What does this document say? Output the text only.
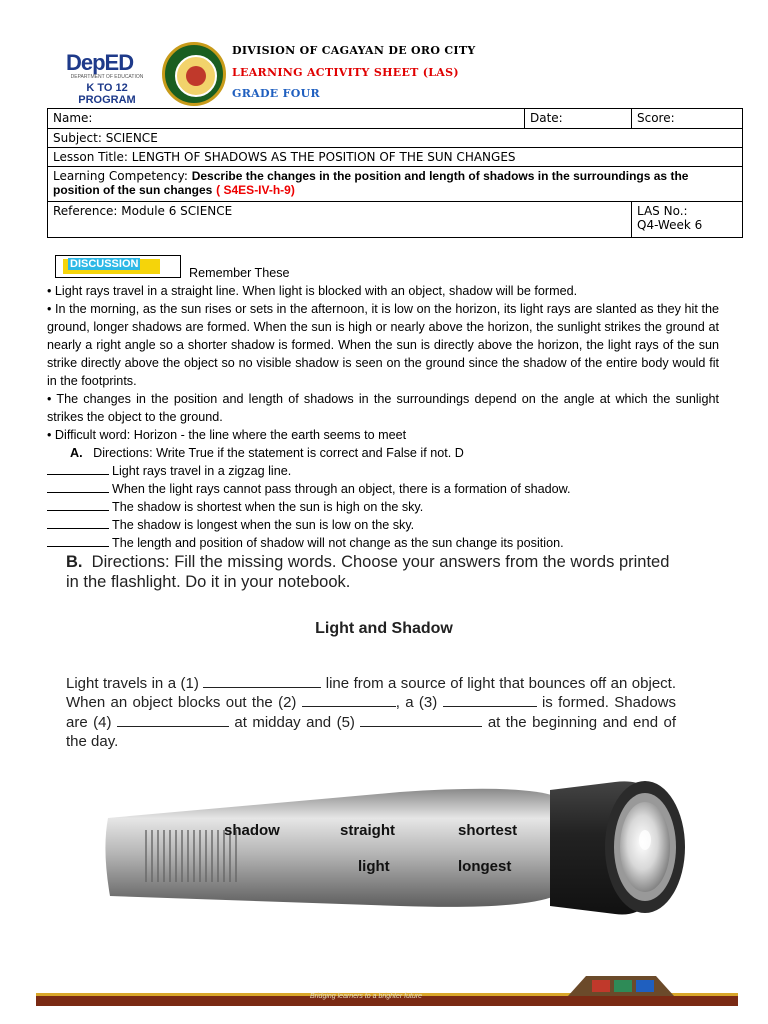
DepED
DEPARTMENT OF EDUCATION
K TO 12 PROGRAM
DIVISION OF CAGAYAN DE ORO CITY
LEARNING ACTIVITY SHEET (LAS)
GRADE FOUR
Name:	Date:	Score:
Subject: SCIENCE		
Lesson Title: LENGTH OF SHADOWS AS THE POSITION OF THE SUN CHANGES		
Learning Competency: Describe the changes in the position and length of shadows in the surroundings as the position of the sun changes ( S4ES-IV-h-9)		
Reference: Module 6 SCIENCE		LAS No.:
Q4-Week 6
DISCUSSION
Remember These
• Light rays travel in a straight line. When light is blocked with an object, shadow will be formed.
• In the morning, as the sun rises or sets in the afternoon, it is low on the horizon, its light rays are slanted as they hit the ground, longer shadows are formed. When the sun is high or nearly above the horizon, the sunlight strikes the ground at nearly a right angle so a shorter shadow is formed. When the sun is directly above the horizon, the light rays of the sun strike directly above the object so no visible shadow is seen on the ground since the shadow of the entire body would fit in the footprints.
• The changes in the position and length of shadows in the surroundings depend on the angle at which the sunlight strikes the object to the ground.
• Difficult word: Horizon - the line where the earth seems to meet
A. Directions: Write True if the statement is correct and False if not. D
Light rays travel in a zigzag line.
When the light rays cannot pass through an object, there is a formation of shadow.
The shadow is shortest when the sun is high on the sky.
The shadow is longest when the sun is low on the sky.
The length and position of shadow will not change as the sun change its position.
B. Directions: Fill the missing words. Choose your answers from the words printed in the flashlight. Do it in your notebook.
Light and Shadow
Light travels in a (1)	line from a source of light that bounces off an object. When an object blocks out the (2)	, a (3)	is formed. Shadows are (4)	at midday and (5)	at the beginning and end of the day.
shadow	straight	shortest
light	longest
Bridging learners to a brighter future
